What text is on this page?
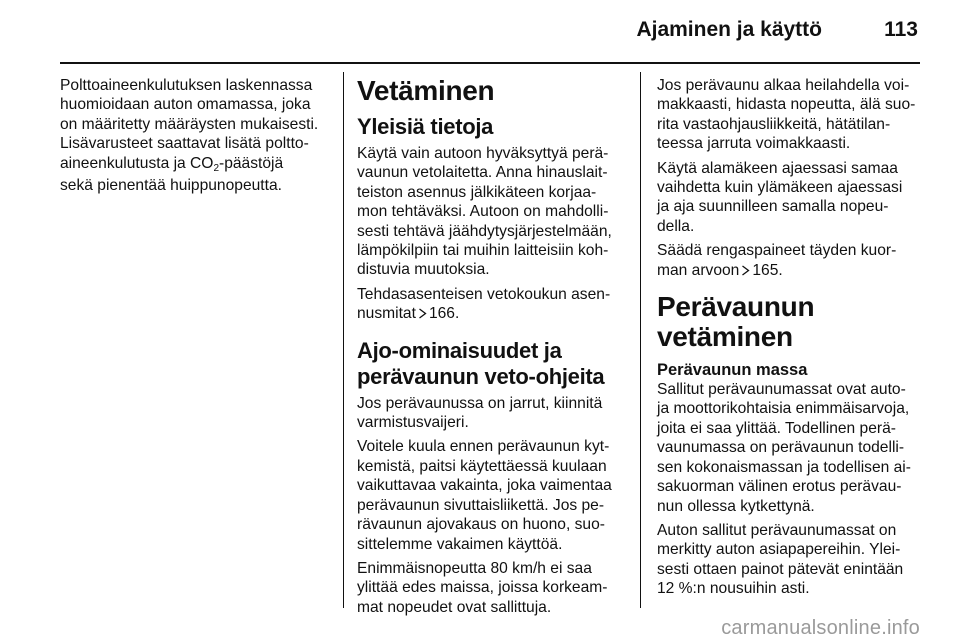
Ajaminen ja käyttö	113

Polttoaineenkulutuksen laskennassa
huomioidaan auton omamassa, joka
on määritetty määräysten mukaisesti.
Lisävarusteet saattavat lisätä poltto-
aineenkulutusta ja $CO_2$-päästöjä
sekä pienentää huippunopeutta.

Vetäminen
Yleisiä tietoja

Käytä vain autoon hyväksyttyä perä-
vaunun vetolaitetta. Anna hinauslait-
teiston asennus jälkikäteen korjaa-
mon tehtäväksi. Autoon on mahdolli-
sesti tehtävä jäähdytysjärjestelmään,
lämpökilpiin tai muihin laitteisiin koh-
distuvia muutoksia.

Tehdasasenteisen vetokoukun asen-
nusmitat 166.

Ajo-ominaisuudet ja
perävaunun veto-ohjeita

Jos perävaunussa on jarrut, kiinnitä
varmistusvaijeri.

Voitele kuula ennen perävaunun kyt-
kemistä, paitsi käytettäessä kuulaan
vaikuttavaa vakainta, joka vaimentaa
perävaunun sivuttaisliikettä. Jos pe-
rävaunun ajovakaus on huono, suo-
sittelemme vakaimen käyttöä.

Enimmäisnopeutta 80 km/h ei saa
ylittää edes maissa, joissa korkeam-
mat nopeudet ovat sallittuja.

Jos perävaunu alkaa heilahdella voi-
makkaasti, hidasta nopeutta, älä suo-
rita vastaohjausliikkeitä, hätätilan-
teessa jarruta voimakkaasti.

Käytä alamäkeen ajaessasi samaa
vaihdetta kuin ylämäkeen ajaessasi
ja aja suunnilleen samalla nopeu-
della.

Säädä rengaspaineet täyden kuor-
man arvoon 165.

Perävaunun vetäminen
Perävaunun massa

Sallitut perävaunumassat ovat auto-
ja moottorikohtaisia enimmäisarvoja,
joita ei saa ylittää. Todellinen perä-
vaunumassa on perävaunun todelli-
sen kokonaismassan ja todellisen ai-
sakuorman välinen erotus perävau-
nun ollessa kytkettynä.

Auton sallitut perävaunumassat on
merkitty auton asiapapereihin. Ylei-
sesti ottaen painot pätevät enintään
12 %:n nousuihin asti.

carmanualsonline.info
